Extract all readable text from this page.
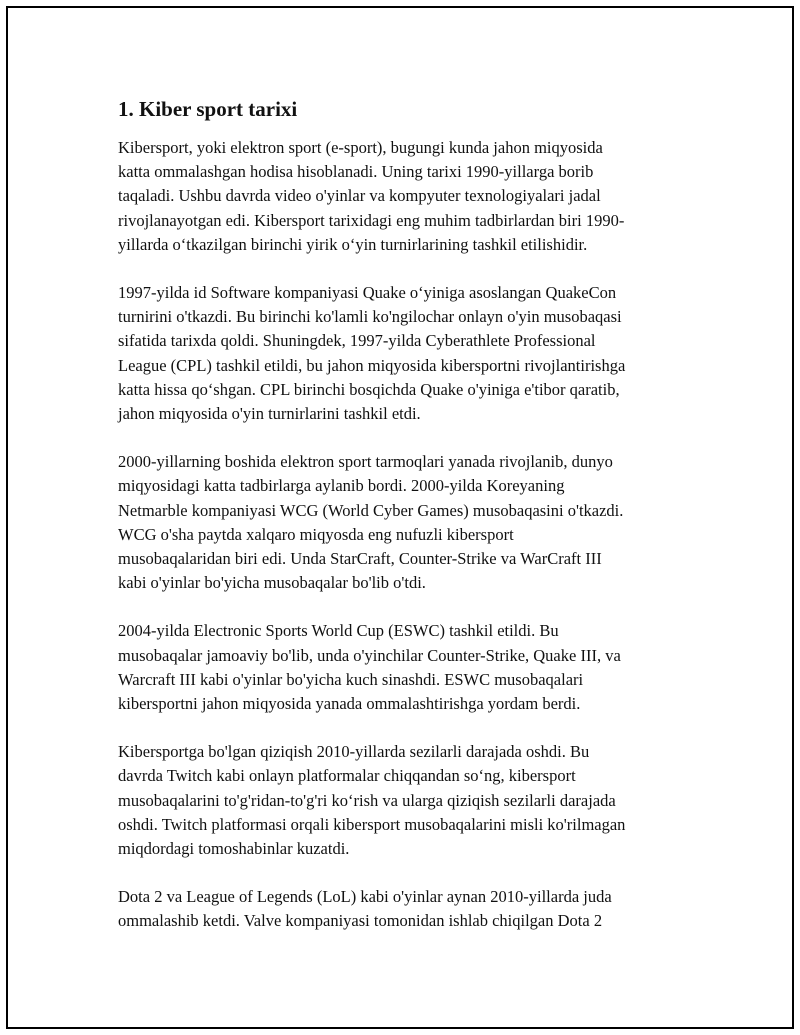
1. Kiber sport tarixi

Kibersport, yoki elektron sport (e-sport), bugungi kunda jahon miqyosida
katta ommalashgan hodisa hisoblanadi. Uning tarixi 1990-yillarga borib
taqaladi. Ushbu davrda video o'yinlar va kompyuter texnologiyalari jadal
rivojlanayotgan edi. Kibersport tarixidagi eng muhim tadbirlardan biri 1990-
yillarda o‘tkazilgan birinchi yirik o‘yin turnirlarining tashkil etilishidir.

1997-yilda id Software kompaniyasi Quake o‘yiniga asoslangan QuakeCon
turnirini o'tkazdi. Bu birinchi ko'lamli ko'ngilochar onlayn o'yin musobaqasi
sifatida tarixda qoldi. Shuningdek, 1997-yilda Cyberathlete Professional
League (CPL) tashkil etildi, bu jahon miqyosida kibersportni rivojlantirishga
katta hissa qo‘shgan. CPL birinchi bosqichda Quake o'yiniga e'tibor qaratib,
jahon miqyosida o'yin turnirlarini tashkil etdi.

2000-yillarning boshida elektron sport tarmoqlari yanada rivojlanib, dunyo
miqyosidagi katta tadbirlarga aylanib bordi. 2000-yilda Koreyaning
Netmarble kompaniyasi WCG (World Cyber Games) musobaqasini o'tkazdi.
WCG o'sha paytda xalqaro miqyosda eng nufuzli kibersport
musobaqalaridan biri edi. Unda StarCraft, Counter-Strike va WarCraft III
kabi o'yinlar bo'yicha musobaqalar bo'lib o'tdi.

2004-yilda Electronic Sports World Cup (ESWC) tashkil etildi. Bu
musobaqalar jamoaviy bo'lib, unda o'yinchilar Counter-Strike, Quake III, va
Warcraft III kabi o'yinlar bo'yicha kuch sinashdi. ESWC musobaqalari
kibersportni jahon miqyosida yanada ommalashtirishga yordam berdi.

Kibersportga bo'lgan qiziqish 2010-yillarda sezilarli darajada oshdi. Bu
davrda Twitch kabi onlayn platformalar chiqqandan so‘ng, kibersport
musobaqalarini to'g'ridan-to'g'ri ko‘rish va ularga qiziqish sezilarli darajada
oshdi. Twitch platformasi orqali kibersport musobaqalarini misli ko'rilmagan
miqdordagi tomoshabinlar kuzatdi.

Dota 2 va League of Legends (LoL) kabi o'yinlar aynan 2010-yillarda juda
ommalashib ketdi. Valve kompaniyasi tomonidan ishlab chiqilgan Dota 2
